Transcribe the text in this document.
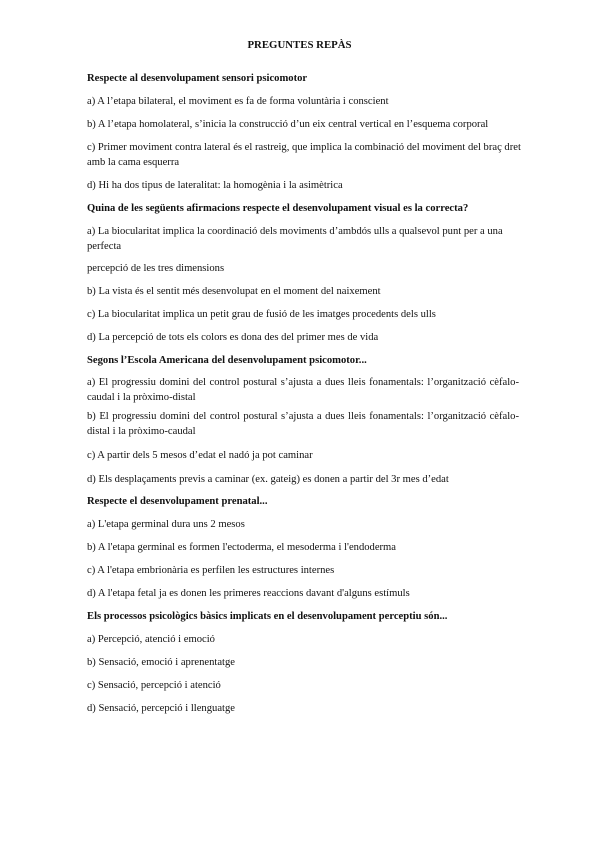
PREGUNTES REPÀS
Respecte al desenvolupament sensori psicomotor
a) A l’etapa bilateral, el moviment es fa de forma voluntària i conscient
b) A l’etapa homolateral, s’inicia la construcció d’un eix central vertical en l’esquema corporal
c) Primer moviment contra lateral és el rastreig, que implica la combinació del moviment del braç dret amb la cama esquerra
d) Hi ha dos tipus de lateralitat: la homogènia i la asimètrica
Quina de les següents afirmacions respecte el desenvolupament visual es la correcta?
a) La biocularitat implica la coordinació dels moviments d’ambdós ulls a qualsevol punt per a una perfecta
percepció de les tres dimensions
b) La vista és el sentit més desenvolupat en el moment del naixement
c) La biocularitat implica un petit grau de fusió de les imatges procedents dels ulls
d) La percepció de tots els colors es dona des del primer mes de vida
Segons l’Escola Americana del desenvolupament psicomotor...
a) El progressiu domini del control postural s’ajusta a dues lleis fonamentals: l’organització cèfalo-caudal i la pròximo-distal
b) El progressiu domini del control postural s’ajusta a dues lleis fonamentals: l’organització cèfalo-distal i la pròximo-caudal
c) A partir dels 5 mesos d’edat el nadó ja pot caminar
d) Els desplaçaments previs a caminar (ex. gateig) es donen a partir del 3r mes d’edat
Respecte el desenvolupament prenatal...
a) L'etapa germinal dura uns 2 mesos
b) A l'etapa germinal es formen l'ectoderma, el mesoderma i l'endoderma
c) A l'etapa embrionària es perfilen les estructures internes
d) A l'etapa fetal ja es donen les primeres reaccions davant d'alguns estímuls
Els processos psicològics bàsics implicats en el desenvolupament perceptiu són...
a) Percepció, atenció i emoció
b) Sensació, emoció i aprenentatge
c) Sensació, percepció i atenció
d) Sensació, percepció i llenguatge
